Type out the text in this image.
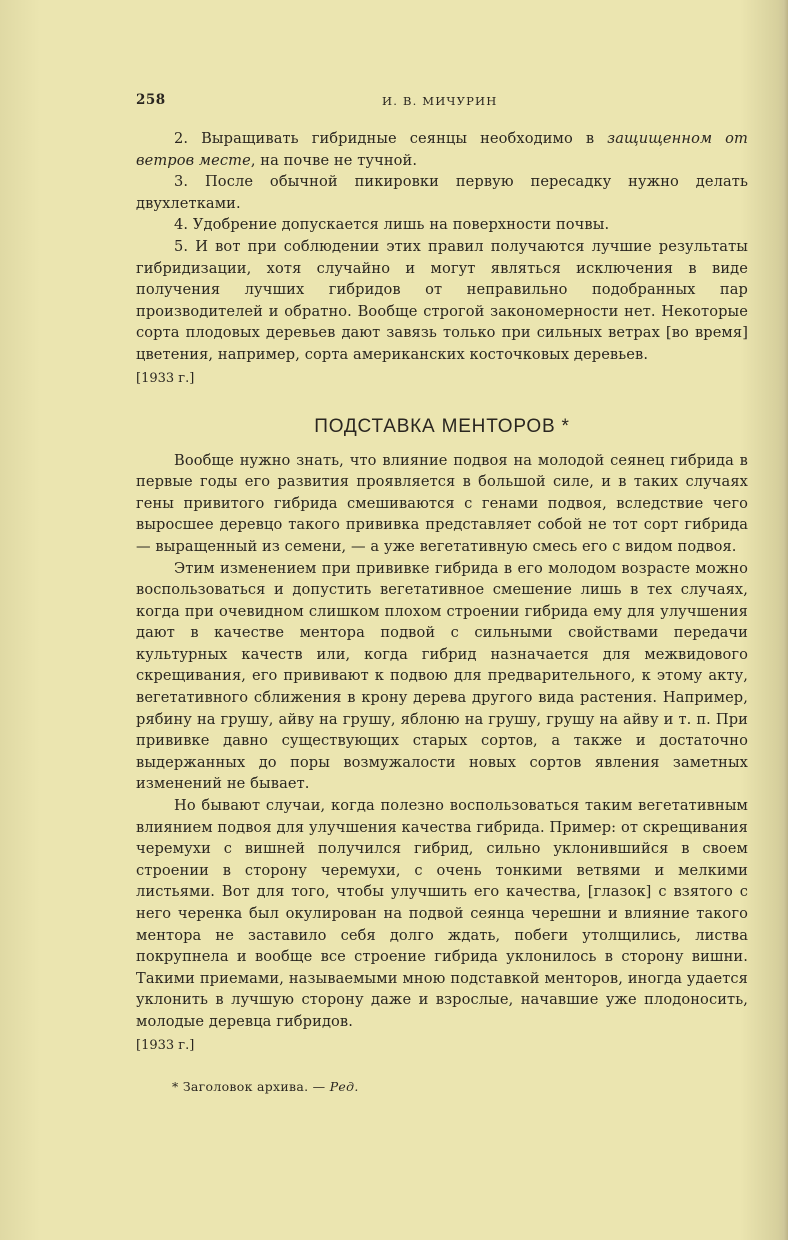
258	И. В. МИЧУРИН

2. Выращивать гибридные сеянцы необходимо в защищенном от ветров месте, на почве не тучной.

3. После обычной пикировки первую пересадку нужно делать двухлетками.

4. Удобрение допускается лишь на поверхности почвы.

5. И вот при соблюдении этих правил получаются лучшие результаты гибридизации, хотя случайно и могут являться исключения в виде получения лучших гибридов от неправильно подобранных пар производителей и обратно. Вообще строгой закономерности нет. Некоторые сорта плодовых деревьев дают завязь только при сильных ветрах [во время] цветения, например, сорта американских косточковых деревьев.

[1933 г.]
ПОДСТАВКА МЕНТОРОВ *

Вообще нужно знать, что влияние подвоя на молодой сеянец гибрида в первые годы его развития проявляется в большой силе, и в таких случаях гены привитого гибрида смешиваются с генами подвоя, вследствие чего выросшее деревцо такого прививка представляет собой не тот сорт гибрида — выращенный из семени, — а уже вегетативную смесь его с видом подвоя.

Этим изменением при прививке гибрида в его молодом возрасте можно воспользоваться и допустить вегетативное смешение лишь в тех случаях, когда при очевидном слишком плохом строении гибрида ему для улучшения дают в качестве ментора подвой с сильными свойствами передачи культурных качеств или, когда гибрид назначается для межвидового скрещивания, его прививают к подвою для предварительного, к этому акту, вегетативного сближения в крону дерева другого вида растения. Например, рябину на грушу, айву на грушу, яблоню на грушу, грушу на айву и т. п. При прививке давно существующих старых сортов, а также и достаточно выдержанных до поры возмужалости новых сортов явления заметных изменений не бывает.

Но бывают случаи, когда полезно воспользоваться таким вегетативным влиянием подвоя для улучшения качества гибрида. Пример: от скрещивания черемухи с вишней получился гибрид, сильно уклонившийся в своем строении в сторону черемухи, с очень тонкими ветвями и мелкими листьями. Вот для того, чтобы улучшить его качества, [глазок] с взятого с него черенка был окулирован на подвой сеянца черешни и влияние такого ментора не заставило себя долго ждать, побеги утолщились, листва покрупнела и вообще все строение гибрида уклонилось в сторону вишни. Такими приемами, называемыми мною подставкой менторов, иногда удается уклонить в лучшую сторону даже и взрослые, начавшие уже плодоносить, молодые деревца гибридов.

[1933 г.]
* Заголовок архива. — Ред.
